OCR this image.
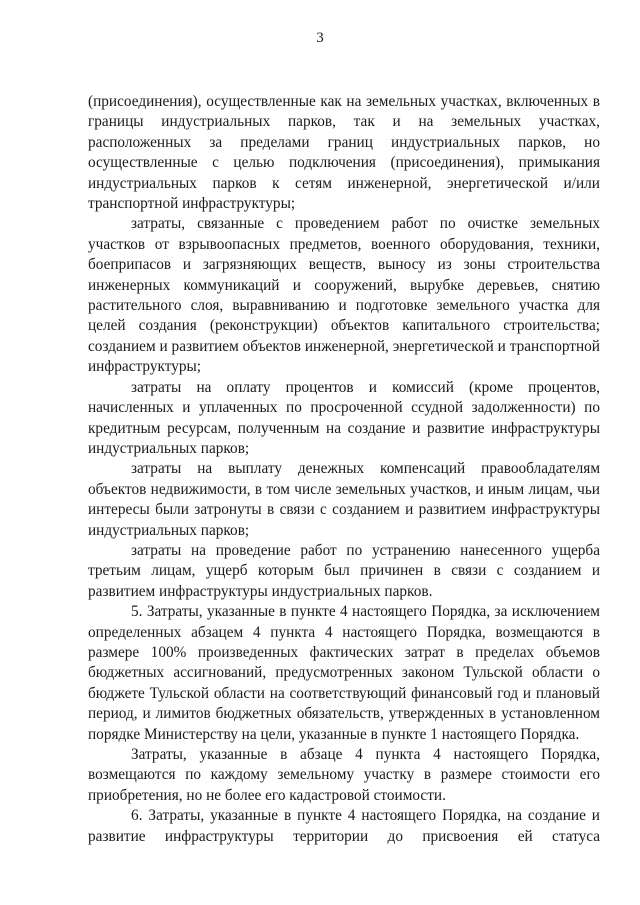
3

(присоединения), осуществленные как на земельных участках, включенных в границы индустриальных парков, так и на земельных участках, расположенных за пределами границ индустриальных парков, но осуществленные с целью подключения (присоединения), примыкания индустриальных парков к сетям инженерной, энергетической и/или транспортной инфраструктуры;

затраты, связанные с проведением работ по очистке земельных участков от взрывоопасных предметов, военного оборудования, техники, боеприпасов и загрязняющих веществ, выносу из зоны строительства инженерных коммуникаций и сооружений, вырубке деревьев, снятию растительного слоя, выравниванию и подготовке земельного участка для целей создания (реконструкции) объектов капитального строительства; созданием и развитием объектов инженерной, энергетической и транспортной инфраструктуры;

затраты на оплату процентов и комиссий (кроме процентов, начисленных и уплаченных по просроченной ссудной задолженности) по кредитным ресурсам, полученным на создание и развитие инфраструктуры индустриальных парков;

затраты на выплату денежных компенсаций правообладателям объектов недвижимости, в том числе земельных участков, и иным лицам, чьи интересы были затронуты в связи с созданием и развитием инфраструктуры индустриальных парков;

затраты на проведение работ по устранению нанесенного ущерба третьим лицам, ущерб которым был причинен в связи с созданием и развитием инфраструктуры индустриальных парков.

5. Затраты, указанные в пункте 4 настоящего Порядка, за исключением определенных абзацем 4 пункта 4 настоящего Порядка, возмещаются в размере 100% произведенных фактических затрат в пределах объемов бюджетных ассигнований, предусмотренных законом Тульской области о бюджете Тульской области на соответствующий финансовый год и плановый период, и лимитов бюджетных обязательств, утвержденных в установленном порядке Министерству на цели, указанные в пункте 1 настоящего Порядка.

Затраты, указанные в абзаце 4 пункта 4 настоящего Порядка, возмещаются по каждому земельному участку в размере стоимости его приобретения, но не более его кадастровой стоимости.

6. Затраты, указанные в пункте 4 настоящего Порядка, на создание и развитие инфраструктуры территории до присвоения ей статуса
